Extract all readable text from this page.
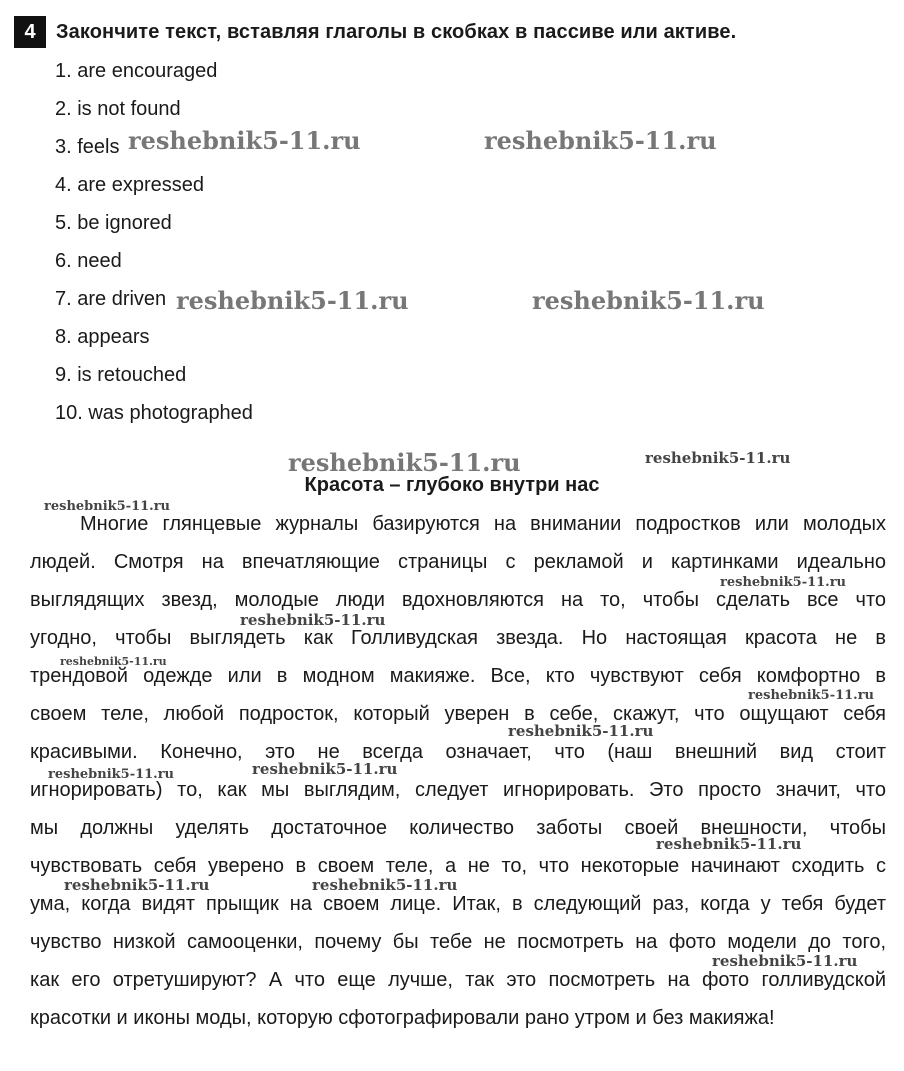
4	Закончите текст, вставляя глаголы в скобках в пассиве или активе.
1. are encouraged
2. is not found
3. feels
4. are expressed
5. be ignored
6. need
7. are driven
8. appears
9. is retouched
10. was photographed
Красота – глубоко внутри нас
Многие глянцевые журналы базируются на внимании подростков или молодых
людей. Смотря на впечатляющие страницы с рекламой и картинками идеально
выглядящих звезд, молодые люди вдохновляются на то, чтобы сделать все что
угодно, чтобы выглядеть как Голливудская звезда. Но настоящая красота не в
трендовой одежде или в модном макияже. Все, кто чувствуют себя комфортно в
своем теле, любой подросток, который уверен в себе, скажут, что ощущают себя
красивыми. Конечно, это не всегда означает, что (наш внешний вид стоит
игнорировать) то, как мы выглядим, следует игнорировать. Это просто значит, что
мы должны уделять достаточное количество заботы своей внешности, чтобы
чувствовать себя уверено в своем теле, а не то, что некоторые начинают сходить с
ума, когда видят прыщик на своем лице. Итак, в следующий раз, когда у тебя будет
чувство низкой самооценки, почему бы тебе не посмотреть на фото модели до того,
как его отретушируют? А что еще лучше, так это посмотреть на фото голливудской
красотки и иконы моды, которую сфотографировали рано утром и без макияжа!
reshebnik5-11.ru	reshebnik5-11.ru
reshebnik5-11.ru	reshebnik5-11.ru
reshebnik5-11.ru	reshebnik5-11.ru
reshebnik5-11.ru
reshebnik5-11.ru
reshebnik5-11.ru
reshebnik5-11.ru
reshebnik5-11.ru
reshebnik5-11.ru
reshebnik5-11.ru
reshebnik5-11.ru
reshebnik5-11.ru
reshebnik5-11.ru	reshebnik5-11.ru
reshebnik5-11.ru
